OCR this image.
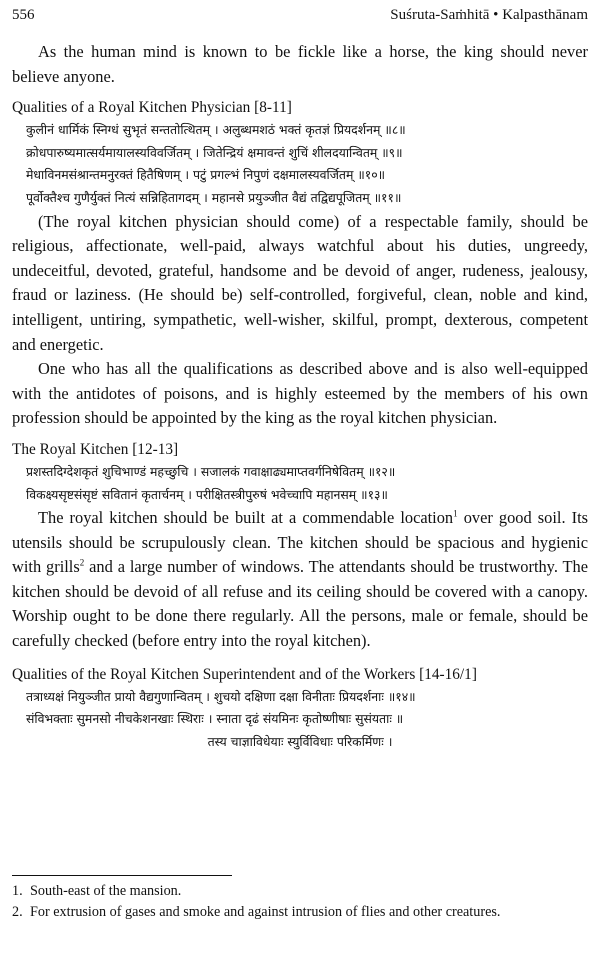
556	Suśruta-Saṁhitā • Kalpasthānam

As the human mind is known to be fickle like a horse, the king should never believe anyone.

Qualities of a Royal Kitchen Physician [8-11]
कुलीनं धार्मिकं स्निग्धं सुभृतं सन्ततोत्थितम् । अलुब्धमशठं भक्तं कृतज्ञं प्रियदर्शनम् ॥८॥
क्रोधपारुष्यमात्सर्यमायालस्यविवर्जितम् । जितेन्द्रियं क्षमावन्तं शुचिं शीलदयान्वितम् ॥९॥
मेधाविनमसंश्रान्तमनुरक्तं हितैषिणम् । पटुं प्रगल्भं निपुणं दक्षमालस्यवर्जितम् ॥१०॥
पूर्वोक्तैश्च गुणैर्युक्तं नित्यं सन्निहितागदम् । महानसे प्रयुञ्जीत वैद्यं तद्विद्यपूजितम् ॥११॥

(The royal kitchen physician should come) of a respectable family, should be religious, affectionate, well-paid, always watchful about his duties, ungreedy, undeceitful, devoted, grateful, handsome and be devoid of anger, rudeness, jealousy, fraud or laziness. (He should be) self-controlled, forgiveful, clean, noble and kind, intelligent, untiring, sympathetic, well-wisher, skilful, prompt, dexterous, competent and energetic.

One who has all the qualifications as described above and is also well-equipped with the antidotes of poisons, and is highly esteemed by the members of his own profession should be appointed by the king as the royal kitchen physician.

The Royal Kitchen [12-13]
प्रशस्तदिग्देशकृतं शुचिभाण्डं महच्छुचि । सजालकं गवाक्षाढ्यमाप्तवर्गनिषेवितम् ॥१२॥
विकक्ष्यसृष्टसंसृष्टं सवितानं कृतार्चनम् । परीक्षितस्त्रीपुरुषं भवेच्चापि महानसम् ॥१३॥

The royal kitchen should be built at a commendable location$^1$ over good soil. Its utensils should be scrupulously clean. The kitchen should be spacious and hygienic with grills$^2$ and a large number of windows. The attendants should be trustworthy. The kitchen should be devoid of all refuse and its ceiling should be covered with a canopy. Worship ought to be done there regularly. All the persons, male or female, should be carefully checked (before entry into the royal kitchen).

Qualities of the Royal Kitchen Superintendent and of the Workers [14-16/1]
तत्राध्यक्षं नियुञ्जीत प्रायो वैद्यगुणान्वितम् । शुचयो दक्षिणा दक्षा विनीताः प्रियदर्शनाः ॥१४॥
संविभक्ताः सुमनसो नीचकेशनखाः स्थिराः । स्नाता दृढं संयमिनः कृतोष्णीषाः सुसंयताः ॥
तस्य चाज्ञाविधेयाः स्युर्विविधाः परिकर्मिणः ।
1. South-east of the mansion.
2. For extrusion of gases and smoke and against intrusion of flies and other creatures.
